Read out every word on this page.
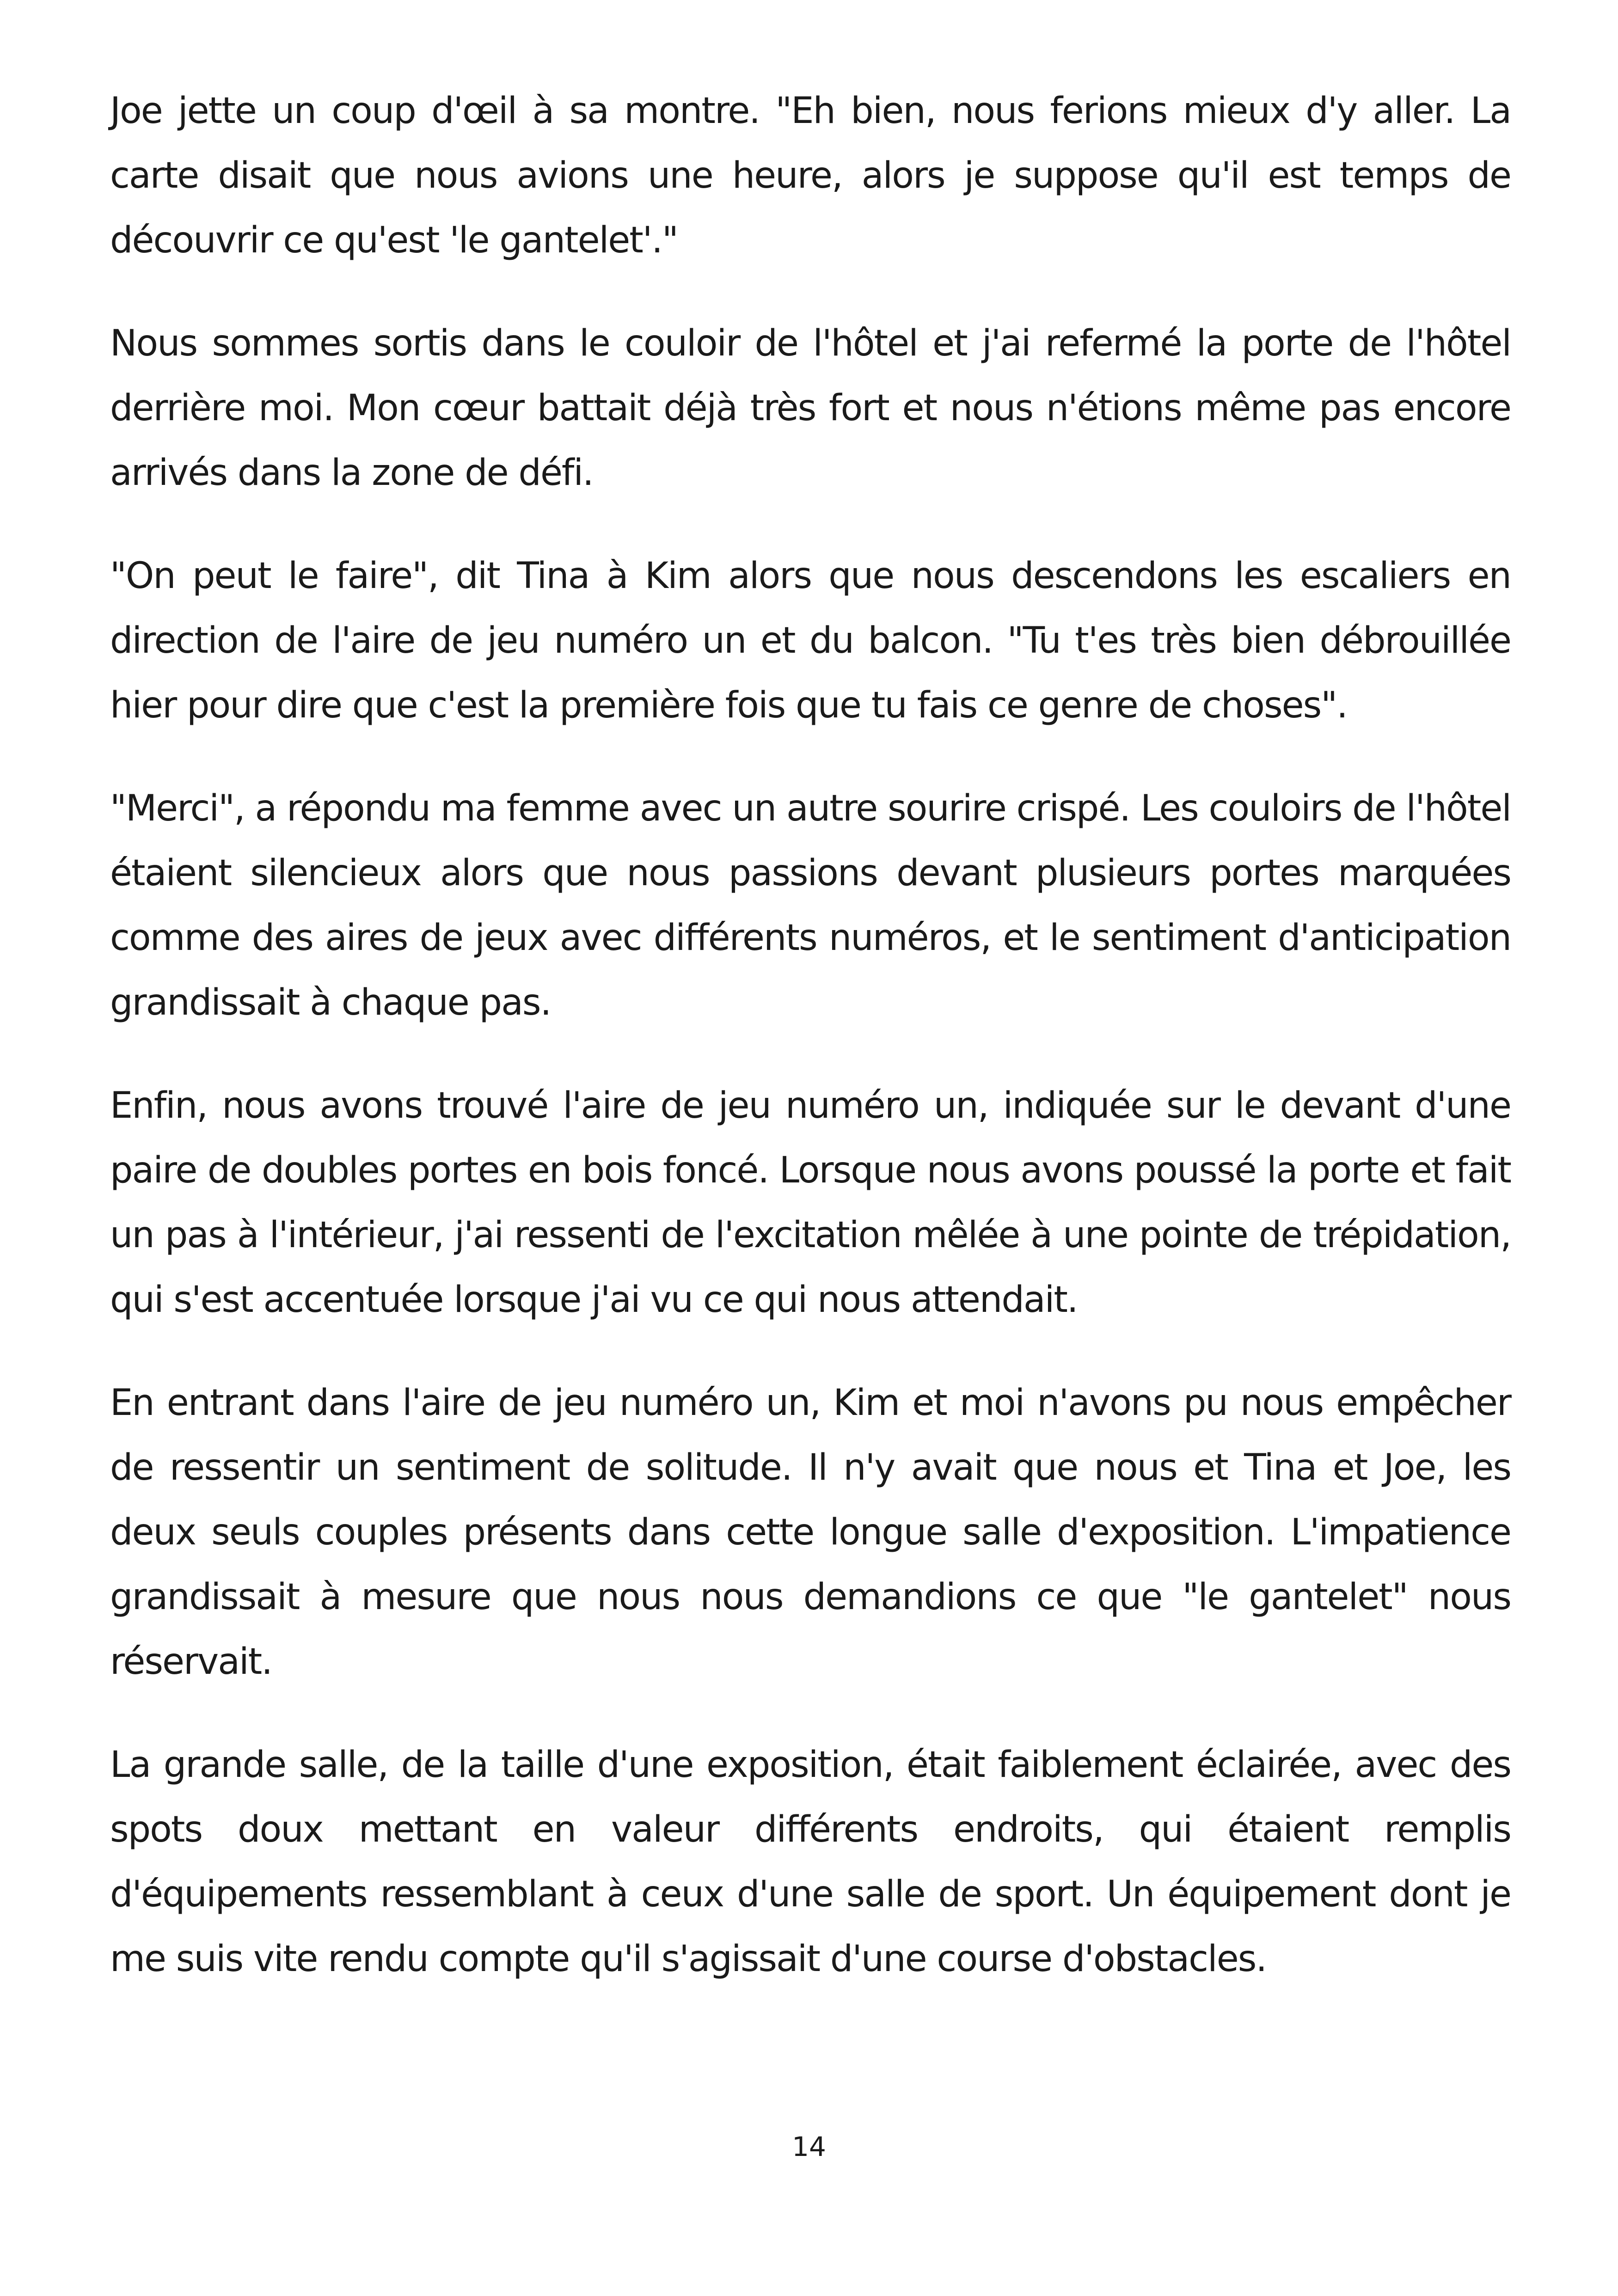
Joe jette un coup d'œil à sa montre. "Eh bien, nous ferions mieux d'y aller. La carte disait que nous avions une heure, alors je suppose qu'il est temps de découvrir ce qu'est 'le gantelet'."

Nous sommes sortis dans le couloir de l'hôtel et j'ai refermé la porte de l'hôtel derrière moi. Mon cœur battait déjà très fort et nous n'étions même pas encore arrivés dans la zone de défi.

"On peut le faire", dit Tina à Kim alors que nous descendons les escaliers en direction de l'aire de jeu numéro un et du balcon. "Tu t'es très bien débrouillée hier pour dire que c'est la première fois que tu fais ce genre de choses".

"Merci", a répondu ma femme avec un autre sourire crispé. Les couloirs de l'hôtel étaient silencieux alors que nous passions devant plusieurs portes marquées comme des aires de jeux avec différents numéros, et le sentiment d'anticipation grandissait à chaque pas.

Enfin, nous avons trouvé l'aire de jeu numéro un, indiquée sur le devant d'une paire de doubles portes en bois foncé. Lorsque nous avons poussé la porte et fait un pas à l'intérieur, j'ai ressenti de l'excitation mêlée à une pointe de trépidation, qui s'est accentuée lorsque j'ai vu ce qui nous attendait.

En entrant dans l'aire de jeu numéro un, Kim et moi n'avons pu nous empêcher de ressentir un sentiment de solitude. Il n'y avait que nous et Tina et Joe, les deux seuls couples présents dans cette longue salle d'exposition. L'impatience grandissait à mesure que nous nous demandions ce que "le gantelet" nous réservait.

La grande salle, de la taille d'une exposition, était faiblement éclairée, avec des spots doux mettant en valeur différents endroits, qui étaient remplis d'équipements ressemblant à ceux d'une salle de sport. Un équipement dont je me suis vite rendu compte qu'il s'agissait d'une course d'obstacles.

14
